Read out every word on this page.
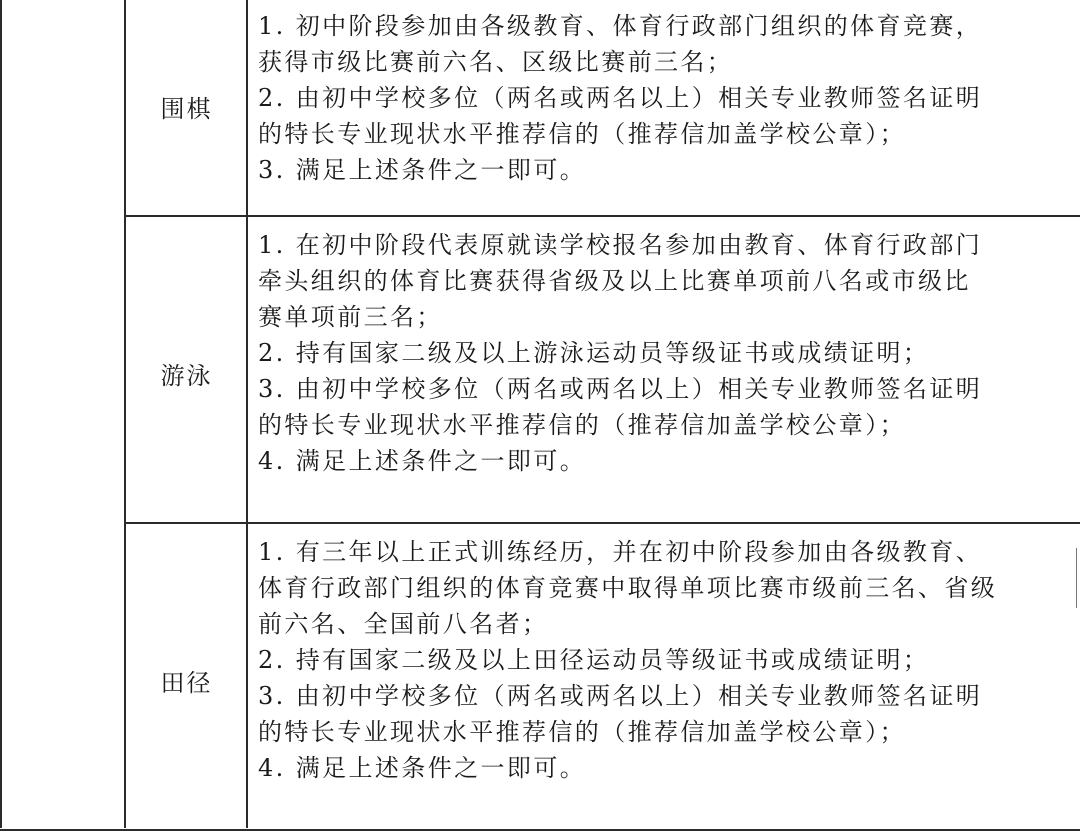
围棋
游泳
田径
1. 初中阶段参加由各级教育、体育行政部门组织的体育竞赛，
获得市级比赛前六名、区级比赛前三名；
2. 由初中学校多位（两名或两名以上）相关专业教师签名证明
的特长专业现状水平推荐信的（推荐信加盖学校公章）；
3. 满足上述条件之一即可。
1. 在初中阶段代表原就读学校报名参加由教育、体育行政部门
牵头组织的体育比赛获得省级及以上比赛单项前八名或市级比
赛单项前三名；
2. 持有国家二级及以上游泳运动员等级证书或成绩证明；
3. 由初中学校多位（两名或两名以上）相关专业教师签名证明
的特长专业现状水平推荐信的（推荐信加盖学校公章）；
4. 满足上述条件之一即可。
1. 有三年以上正式训练经历，并在初中阶段参加由各级教育、
体育行政部门组织的体育竞赛中取得单项比赛市级前三名、省级
前六名、全国前八名者；
2. 持有国家二级及以上田径运动员等级证书或成绩证明；
3. 由初中学校多位（两名或两名以上）相关专业教师签名证明
的特长专业现状水平推荐信的（推荐信加盖学校公章）；
4. 满足上述条件之一即可。
